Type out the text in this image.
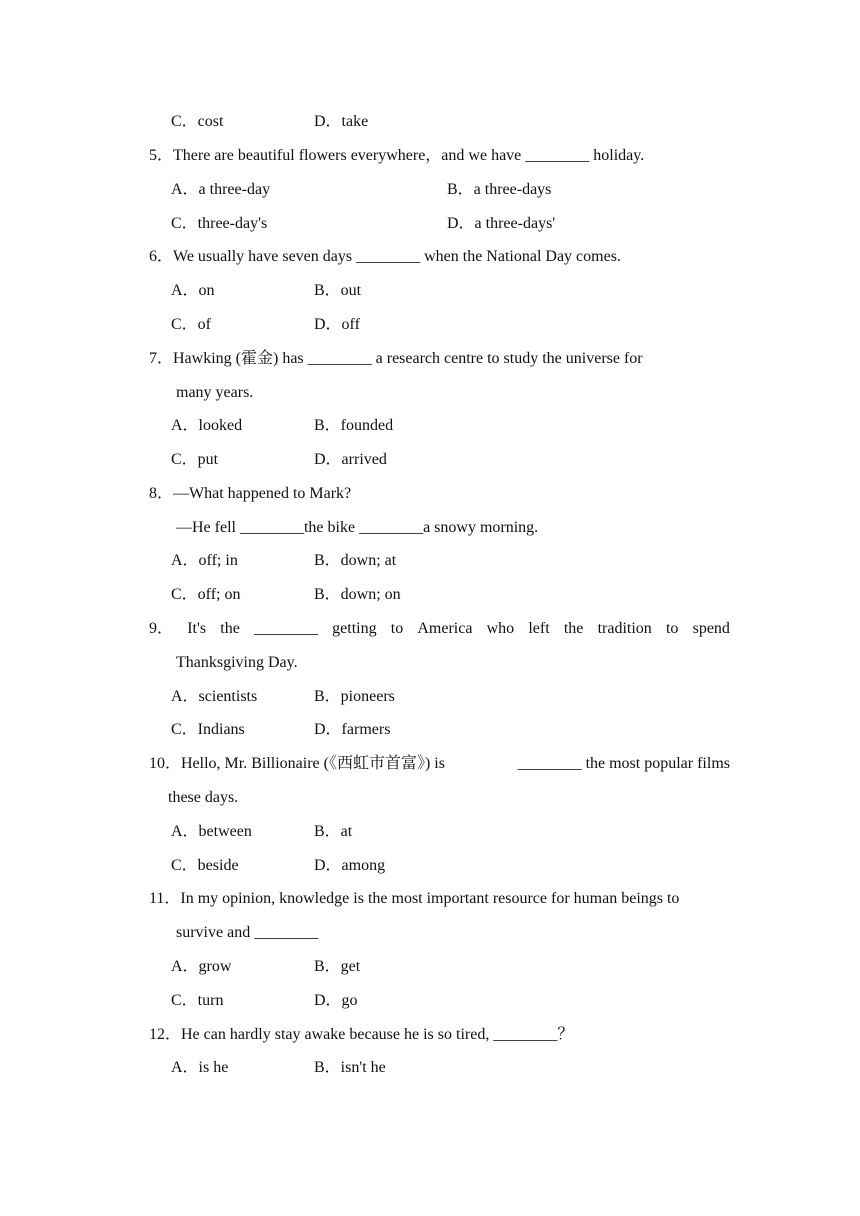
C．cost	D．take
5．There are beautiful flowers everywhere，and we have ________ holiday.
A．a three-day	B．a three-days
C．three-day's	D．a three-days'
6．We usually have seven days ________ when the National Day comes.
A．on	B．out
C．of	D．off
7．Hawking (霍金) has ________ a research centre to study the universe for
many years.
A．looked	B．founded
C．put	D．arrived
8．—What happened to Mark?
—He fell ________the bike ________a snowy morning.
A．off; in	B．down; at
C．off; on	B．down; on
9． It's the ________ getting to America who left the tradition to spend
Thanksgiving Day.
A．scientists	B．pioneers
C．Indians	D．farmers
10．Hello, Mr. Billionaire (《西虹市首富》) is	________ the most popular films
these days.
A．between	B．at
C．beside	D．among
11．In my opinion, knowledge is the most important resource for human beings to
survive and ________
A．grow	B．get
C．turn	D．go
12．He can hardly stay awake because he is so tired, ________？
A．is he	B．isn't he
